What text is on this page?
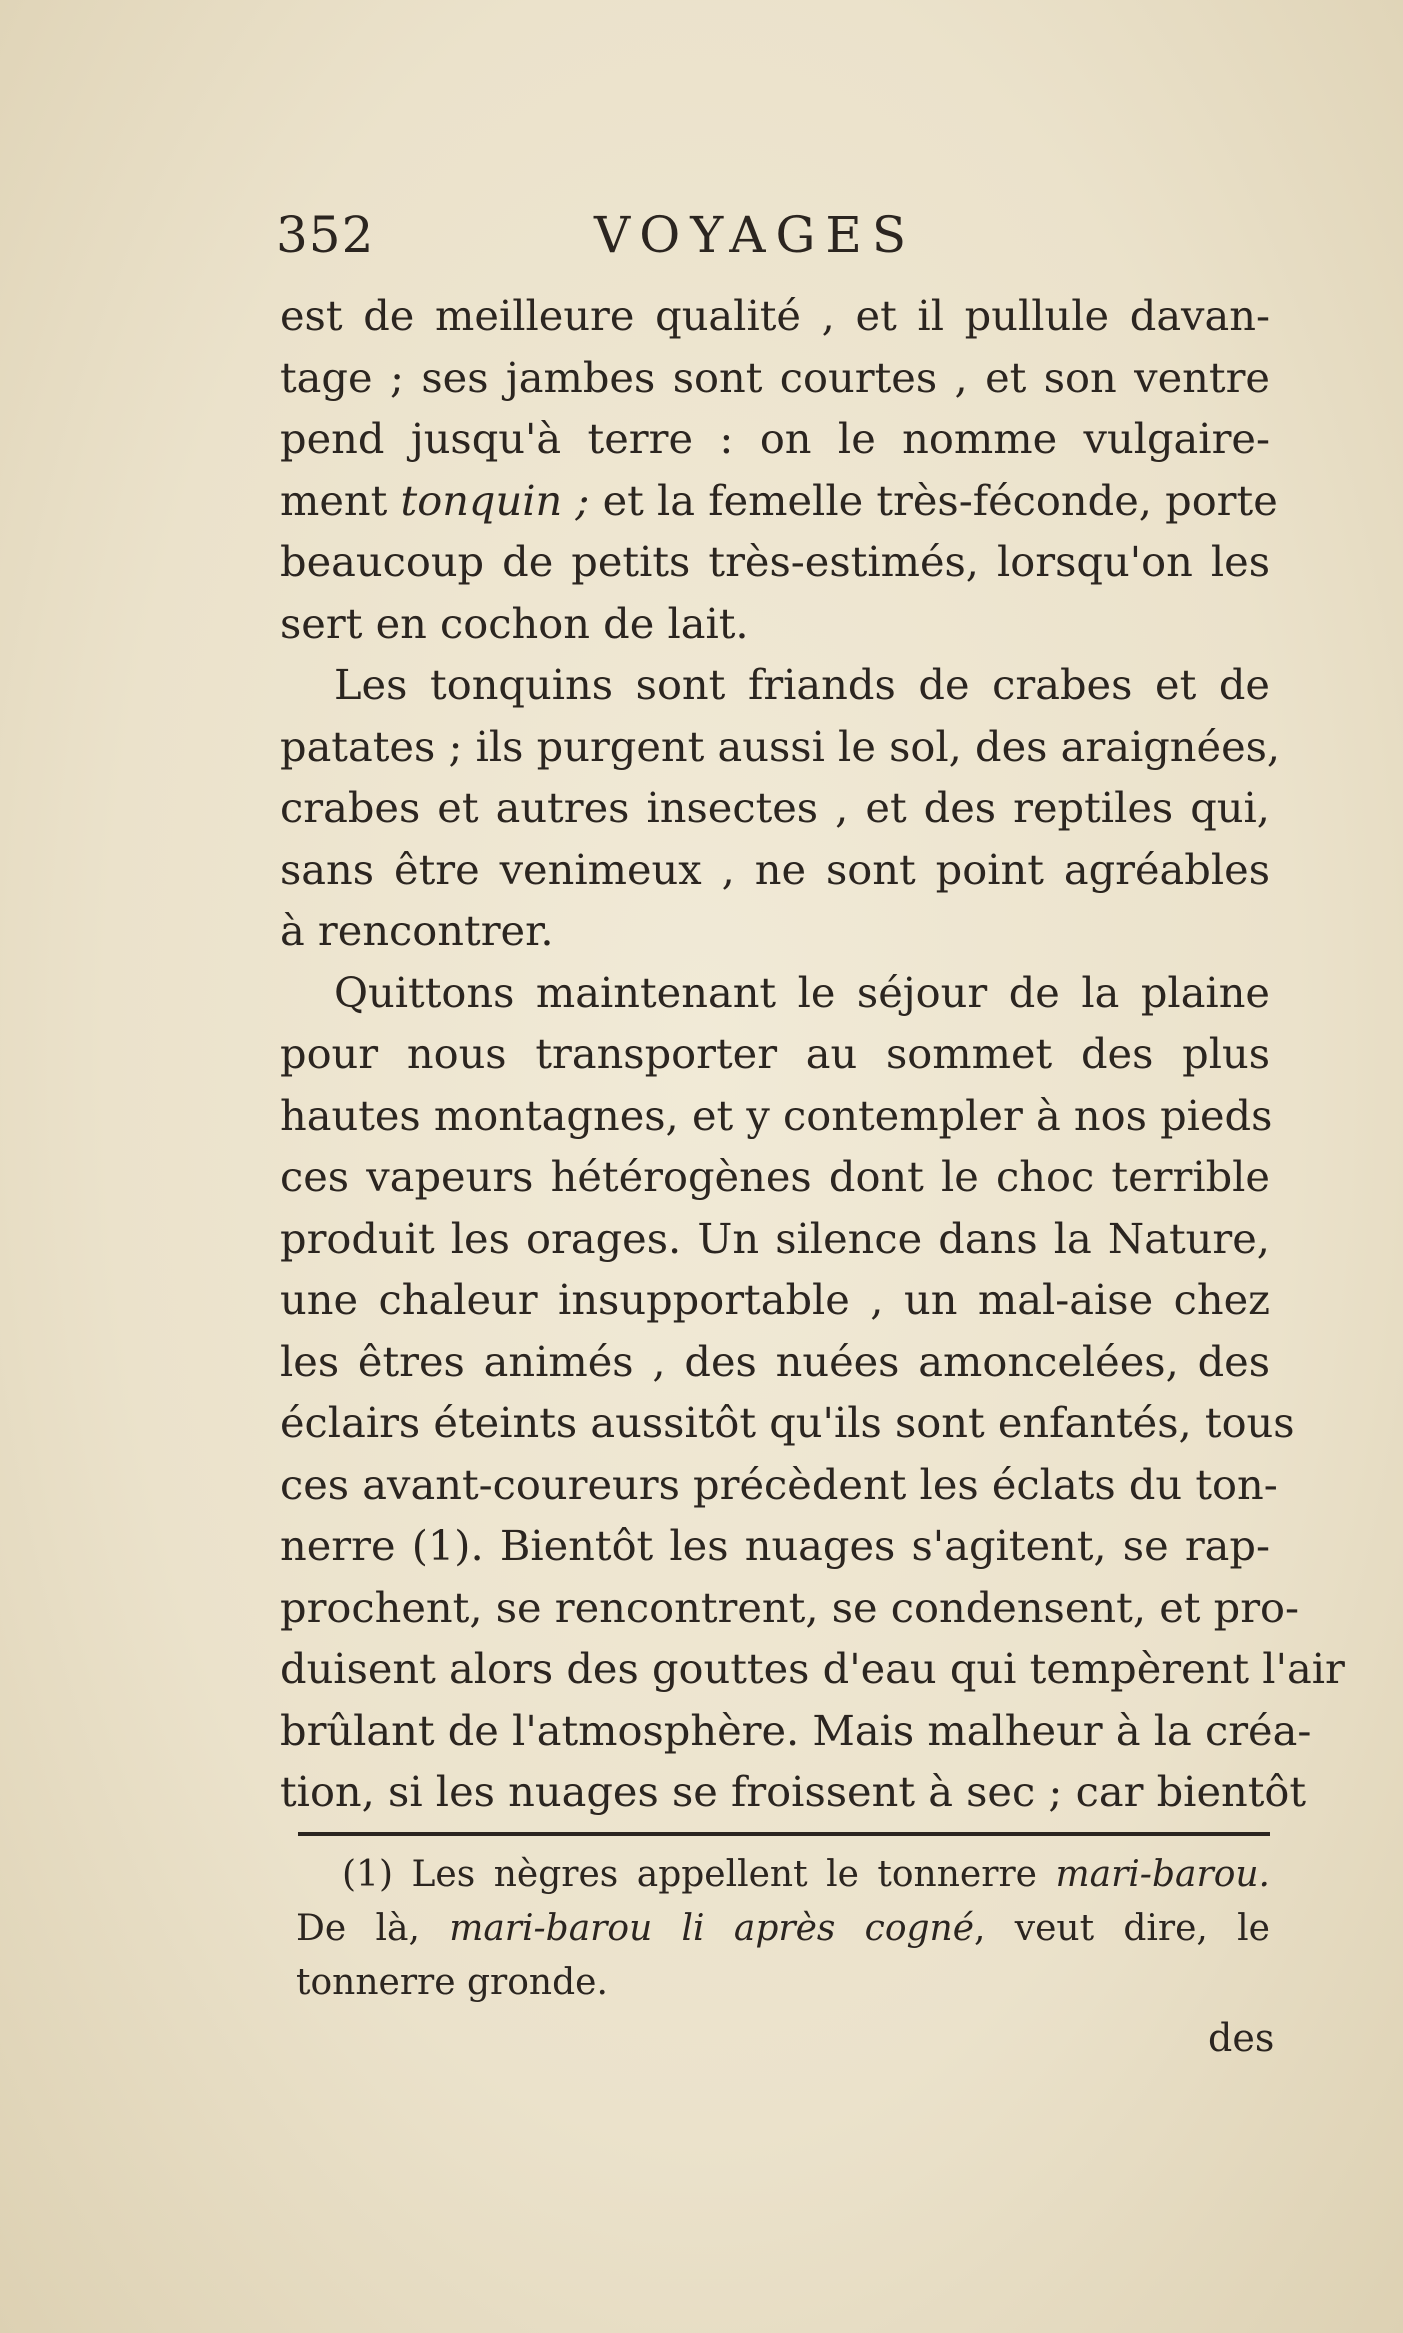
352	VOYAGES
est de meilleure qualité , et il pullule davan-
tage ; ses jambes sont courtes , et son ventre
pend jusqu'à terre : on le nomme vulgaire-
ment tonquin ; et la femelle très-féconde, porte
beaucoup de petits très-estimés, lorsqu'on les
sert en cochon de lait.
Les tonquins sont friands de crabes et de
patates ; ils purgent aussi le sol, des araignées,
crabes et autres insectes , et des reptiles qui,
sans être venimeux , ne sont point agréables
à rencontrer.
Quittons maintenant le séjour de la plaine
pour nous transporter au sommet des plus
hautes montagnes, et y contempler à nos pieds
ces vapeurs hétérogènes dont le choc terrible
produit les orages. Un silence dans la Nature,
une chaleur insupportable , un mal-aise chez
les êtres animés , des nuées amoncelées, des
éclairs éteints aussitôt qu'ils sont enfantés, tous
ces avant-coureurs précèdent les éclats du ton-
nerre (1). Bientôt les nuages s'agitent, se rap-
prochent, se rencontrent, se condensent, et pro-
duisent alors des gouttes d'eau qui tempèrent l'air
brûlant de l'atmosphère. Mais malheur à la créa-
tion, si les nuages se froissent à sec ; car bientôt
(1) Les nègres appellent le tonnerre mari-barou.
De là, mari-barou li après cogné, veut dire, le
tonnerre gronde.
des
